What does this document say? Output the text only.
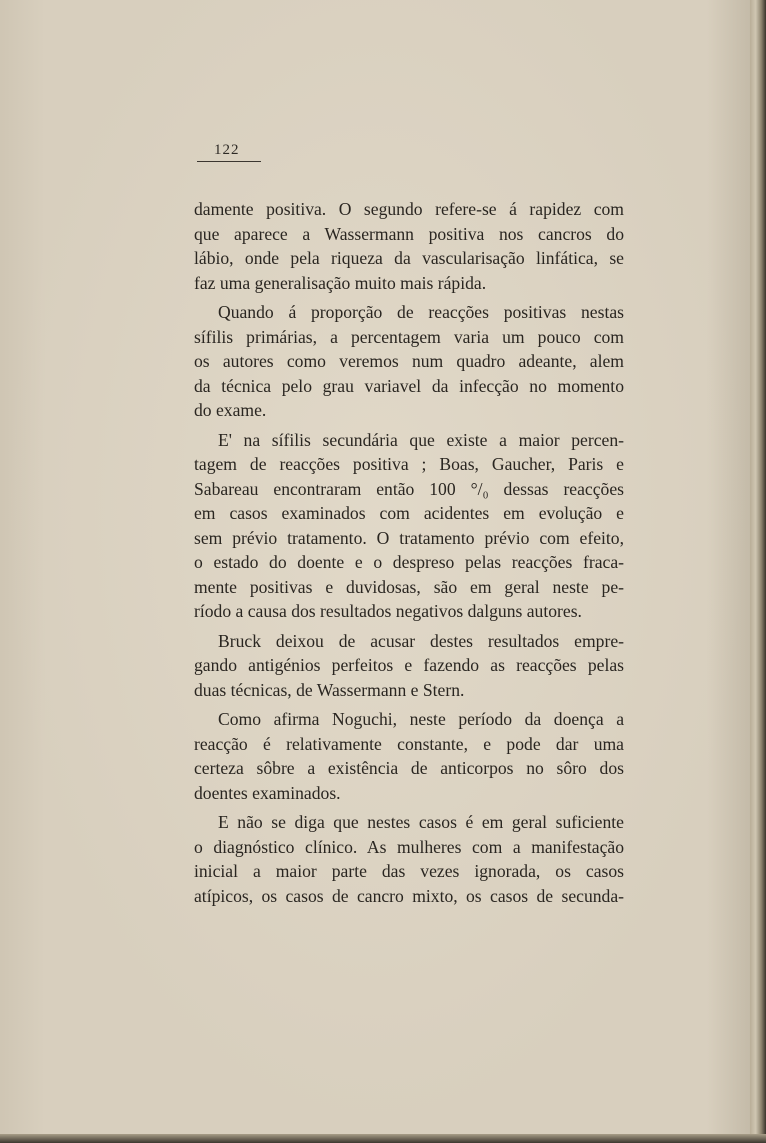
122

damente positiva. O segundo refere-se á rapidez com
que aparece a Wassermann positiva nos cancros do
lábio, onde pela riqueza da vascularisação linfática, se
faz uma generalisação muito mais rápida.

Quando á proporção de reacções positivas nestas
sífilis primárias, a percentagem varia um pouco com
os autores como veremos num quadro adeante, alem
da técnica pelo grau variavel da infecção no momento
do exame.

E' na sífilis secundária que existe a maior percen-
tagem de reacções positiva ; Boas, Gaucher, Paris e
Sabareau encontraram então 100 °/₀ dessas reacções
em casos examinados com acidentes em evolução e
sem prévio tratamento. O tratamento prévio com efeito,
o estado do doente e o despreso pelas reacções fraca-
mente positivas e duvidosas, são em geral neste pe-
ríodo a causa dos resultados negativos dalguns autores.

Bruck deixou de acusar destes resultados empre-
gando antigénios perfeitos e fazendo as reacções pelas
duas técnicas, de Wassermann e Stern.

Como afirma Noguchi, neste período da doença a
reacção é relativamente constante, e pode dar uma
certeza sôbre a existência de anticorpos no sôro dos
doentes examinados.

E não se diga que nestes casos é em geral suficiente
o diagnóstico clínico. As mulheres com a manifestação
inicial a maior parte das vezes ignorada, os casos
atípicos, os casos de cancro mixto, os casos de secunda-
